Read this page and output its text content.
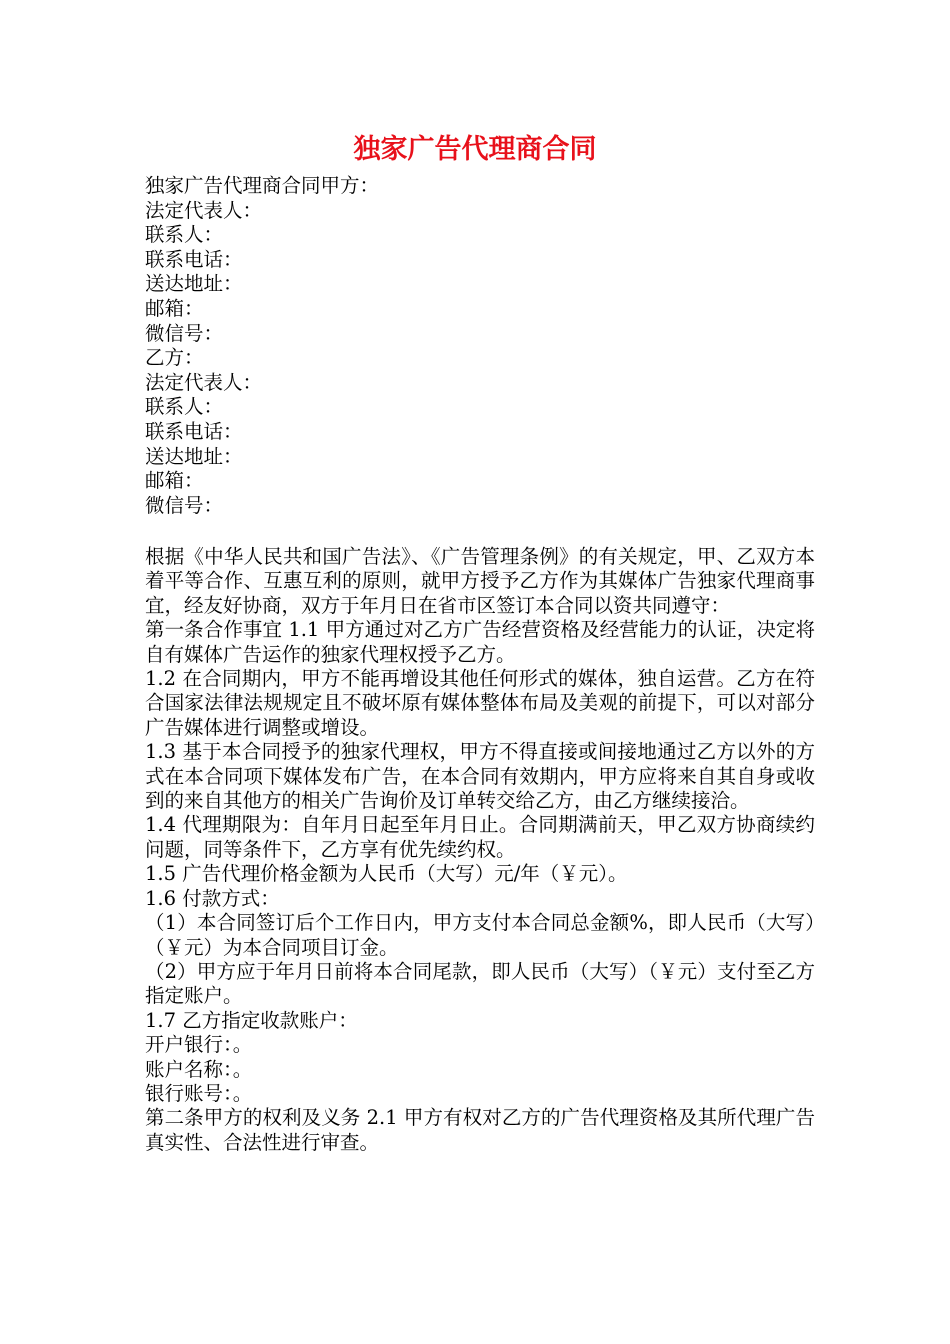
独家广告代理商合同
独家广告代理商合同甲方：
法定代表人：
联系人：
联系电话：
送达地址：
邮箱：
微信号：
乙方：
法定代表人：
联系人：
联系电话：
送达地址：
邮箱：
微信号：

根据《中华人民共和国广告法》、《广告管理条例》的有关规定，甲、乙双方本着平等合作、互惠互利的原则，就甲方授予乙方作为其媒体广告独家代理商事宜，经友好协商，双方于年月日在省市区签订本合同以资共同遵守：

第一条合作事宜 1.1 甲方通过对乙方广告经营资格及经营能力的认证，决定将自有媒体广告运作的独家代理权授予乙方。

1.2 在合同期内，甲方不能再增设其他任何形式的媒体，独自运营。乙方在符合国家法律法规规定且不破坏原有媒体整体布局及美观的前提下，可以对部分广告媒体进行调整或增设。

1.3 基于本合同授予的独家代理权，甲方不得直接或间接地通过乙方以外的方式在本合同项下媒体发布广告，在本合同有效期内，甲方应将来自其自身或收到的来自其他方的相关广告询价及订单转交给乙方，由乙方继续接洽。

1.4 代理期限为：自年月日起至年月日止。合同期满前天，甲乙双方协商续约问题，同等条件下，乙方享有优先续约权。

1.5 广告代理价格金额为人民币（大写）元/年（￥元）。

1.6 付款方式：

（1）本合同签订后个工作日内，甲方支付本合同总金额%，即人民币（大写）（￥元）为本合同项目订金。

（2）甲方应于年月日前将本合同尾款，即人民币（大写）（￥元）支付至乙方指定账户。

1.7 乙方指定收款账户：

开户银行：。

账户名称：。

银行账号：。

第二条甲方的权利及义务 2.1 甲方有权对乙方的广告代理资格及其所代理广告真实性、合法性进行审查。
